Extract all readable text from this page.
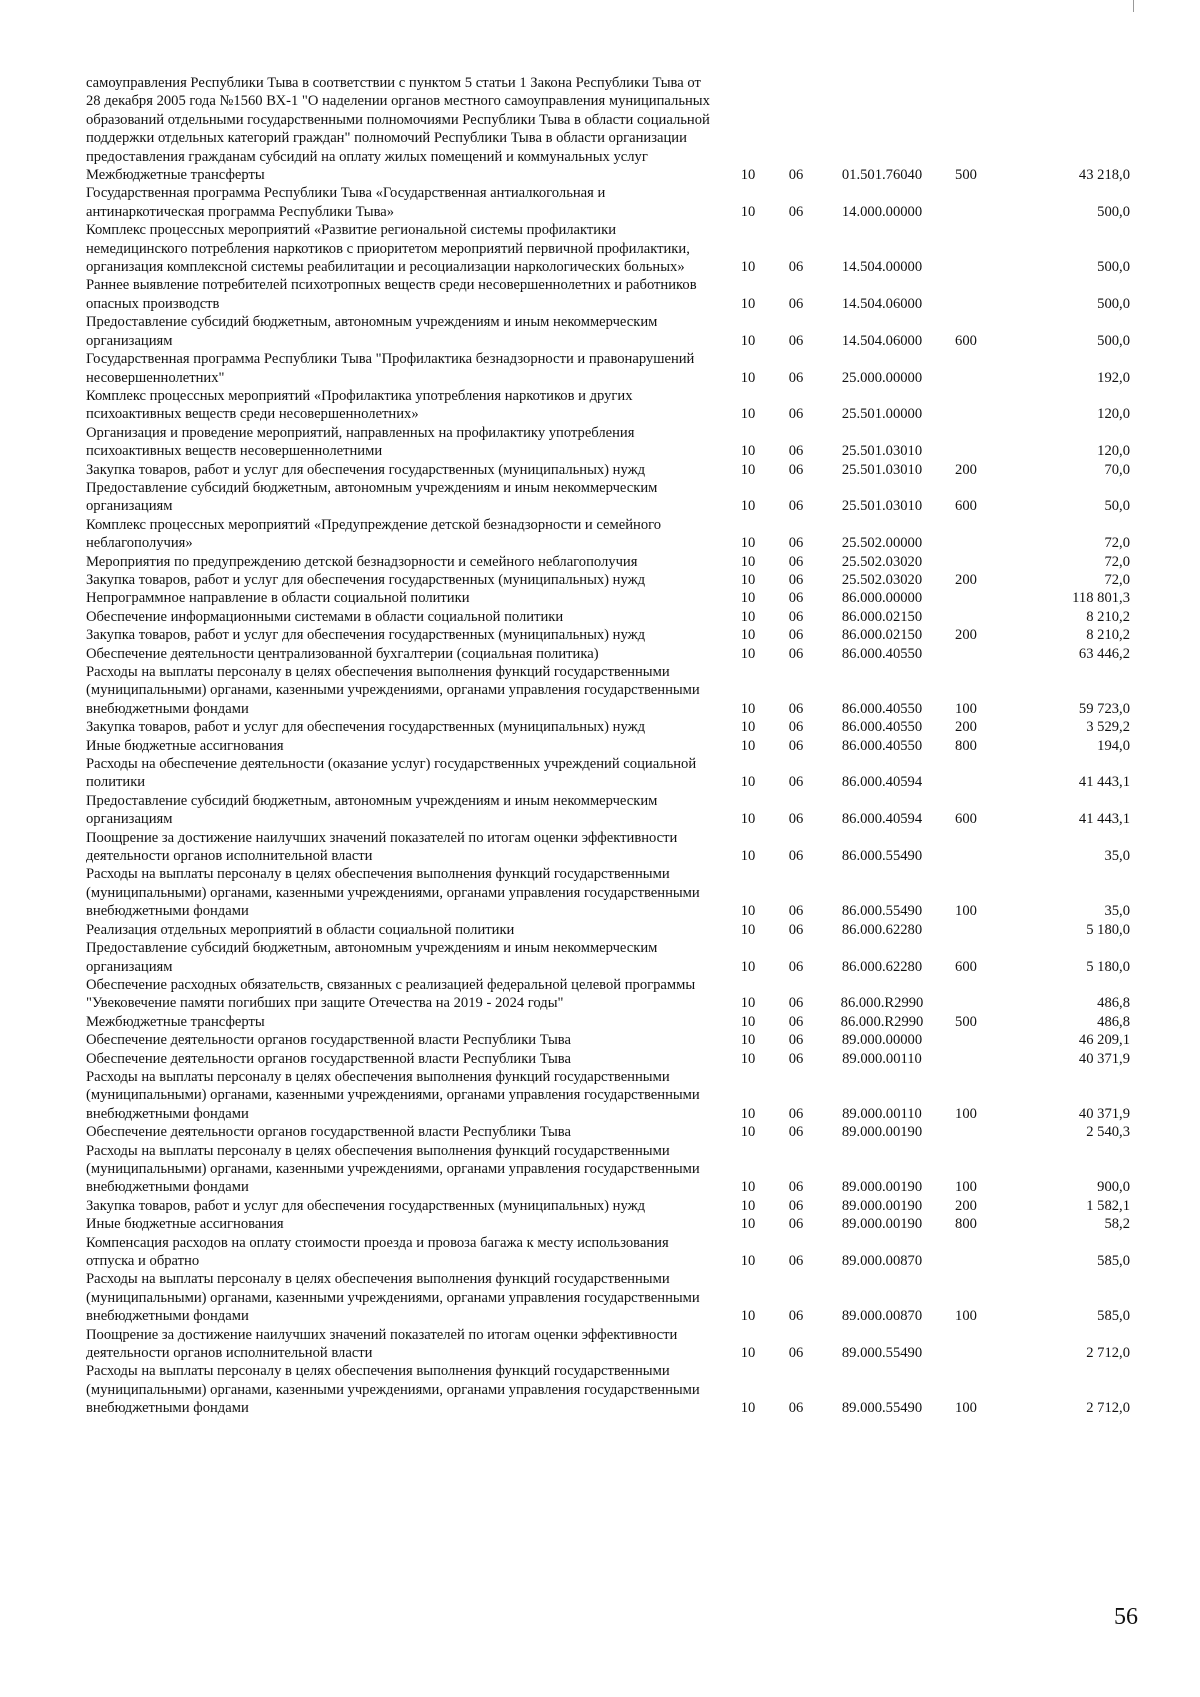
самоуправления Республики Тыва в соответствии с пунктом 5 статьи 1 Закона Республики Тыва от 28 декабря 2005 года №1560 ВХ-1 "О наделении органов местного самоуправления муниципальных образований отдельными государственными полномочиями Республики Тыва в области социальной поддержки отдельных категорий граждан" полномочий Республики Тыва в области организации предоставления гражданам субсидий на оплату жилых помещений и коммунальных услуг					
Межбюджетные трансферты	10	06	01.501.76040	500	43 218,0
Государственная программа Республики Тыва «Государственная антиалкогольная и антинаркотическая программа Республики Тыва»	10	06	14.000.00000		500,0
Комплекс процессных мероприятий «Развитие региональной системы профилактики немедицинского потребления наркотиков с приоритетом мероприятий первичной профилактики, организация комплексной системы реабилитации и ресоциализации наркологических больных»	10	06	14.504.00000		500,0
Раннее выявление потребителей психотропных веществ среди несовершеннолетних и работников опасных производств	10	06	14.504.06000		500,0
Предоставление субсидий бюджетным, автономным учреждениям и иным некоммерческим организациям	10	06	14.504.06000	600	500,0
Государственная программа Республики Тыва "Профилактика безнадзорности и правонарушений несовершеннолетних"	10	06	25.000.00000		192,0
Комплекс процессных мероприятий «Профилактика употребления наркотиков и других психоактивных веществ среди несовершеннолетних»	10	06	25.501.00000		120,0
Организация и проведение мероприятий, направленных на профилактику употребления психоактивных веществ несовершеннолетними	10	06	25.501.03010		120,0
Закупка товаров, работ и услуг для обеспечения государственных (муниципальных) нужд	10	06	25.501.03010	200	70,0
Предоставление субсидий бюджетным, автономным учреждениям и иным некоммерческим организациям	10	06	25.501.03010	600	50,0
Комплекс процессных мероприятий «Предупреждение детской безнадзорности и семейного неблагополучия»	10	06	25.502.00000		72,0
Мероприятия по предупреждению детской безнадзорности и семейного неблагополучия	10	06	25.502.03020		72,0
Закупка товаров, работ и услуг для обеспечения государственных (муниципальных) нужд	10	06	25.502.03020	200	72,0
Непрограммное направление в области социальной политики	10	06	86.000.00000		118 801,3
Обеспечение информационными системами в области социальной политики	10	06	86.000.02150		8 210,2
Закупка товаров, работ и услуг для обеспечения государственных (муниципальных) нужд	10	06	86.000.02150	200	8 210,2
Обеспечение деятельности централизованной бухгалтерии (социальная политика)	10	06	86.000.40550		63 446,2
Расходы на выплаты персоналу в целях обеспечения выполнения функций государственными (муниципальными) органами, казенными учреждениями, органами управления государственными внебюджетными фондами	10	06	86.000.40550	100	59 723,0
Закупка товаров, работ и услуг для обеспечения государственных (муниципальных) нужд	10	06	86.000.40550	200	3 529,2
Иные бюджетные ассигнования	10	06	86.000.40550	800	194,0
Расходы на обеспечение деятельности (оказание услуг) государственных учреждений социальной политики	10	06	86.000.40594		41 443,1
Предоставление субсидий бюджетным, автономным учреждениям и иным некоммерческим организациям	10	06	86.000.40594	600	41 443,1
Поощрение за достижение наилучших значений показателей по итогам оценки эффективности деятельности органов исполнительной власти	10	06	86.000.55490		35,0
Расходы на выплаты персоналу в целях обеспечения выполнения функций государственными (муниципальными) органами, казенными учреждениями, органами управления государственными внебюджетными фондами	10	06	86.000.55490	100	35,0
Реализация отдельных мероприятий в области социальной политики	10	06	86.000.62280		5 180,0
Предоставление субсидий бюджетным, автономным учреждениям и иным некоммерческим организациям	10	06	86.000.62280	600	5 180,0
Обеспечение расходных обязательств, связанных с реализацией федеральной целевой программы "Увековечение памяти погибших при защите Отечества на 2019 - 2024 годы"	10	06	86.000.R2990		486,8
Межбюджетные трансферты	10	06	86.000.R2990	500	486,8
Обеспечение деятельности органов государственной власти Республики Тыва	10	06	89.000.00000		46 209,1
Обеспечение деятельности органов государственной власти Республики Тыва	10	06	89.000.00110		40 371,9
Расходы на выплаты персоналу в целях обеспечения выполнения функций государственными (муниципальными) органами, казенными учреждениями, органами управления государственными внебюджетными фондами	10	06	89.000.00110	100	40 371,9
Обеспечение деятельности органов государственной власти Республики Тыва	10	06	89.000.00190		2 540,3
Расходы на выплаты персоналу в целях обеспечения выполнения функций государственными (муниципальными) органами, казенными учреждениями, органами управления государственными внебюджетными фондами	10	06	89.000.00190	100	900,0
Закупка товаров, работ и услуг для обеспечения государственных (муниципальных) нужд	10	06	89.000.00190	200	1 582,1
Иные бюджетные ассигнования	10	06	89.000.00190	800	58,2
Компенсация расходов на оплату стоимости проезда и провоза багажа к месту использования отпуска и обратно	10	06	89.000.00870		585,0
Расходы на выплаты персоналу в целях обеспечения выполнения функций государственными (муниципальными) органами, казенными учреждениями, органами управления государственными внебюджетными фондами	10	06	89.000.00870	100	585,0
Поощрение за достижение наилучших значений показателей по итогам оценки эффективности деятельности органов исполнительной власти	10	06	89.000.55490		2 712,0
Расходы на выплаты персоналу в целях обеспечения выполнения функций государственными (муниципальными) органами, казенными учреждениями, органами управления государственными внебюджетными фондами	10	06	89.000.55490	100	2 712,0
56
